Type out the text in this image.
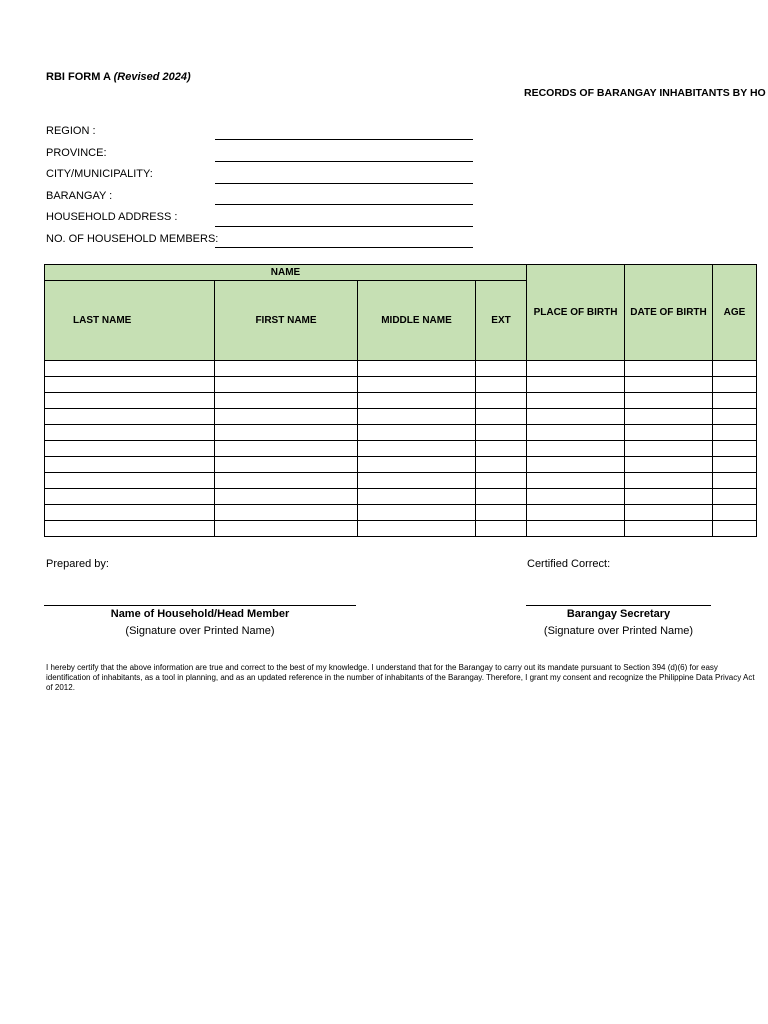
RBI FORM A (Revised 2024)
RECORDS OF BARANGAY INHABITANTS BY HO
REGION :
PROVINCE:
CITY/MUNICIPALITY:
BARANGAY :
HOUSEHOLD ADDRESS :
NO. OF HOUSEHOLD MEMBERS:
NAME				PLACE OF BIRTH	DATE OF BIRTH	AGE
LAST NAME	FIRST NAME	MIDDLE NAME	EXT			

Prepared by:
Name of Household/Head Member
(Signature over Printed Name)
Certified Correct:
Barangay Secretary
(Signature over Printed Name)
I hereby certify that the above information are true and correct to the best of my knowledge. I understand that for the Barangay to carry out its mandate pursuant to Section 394 (d)(6) for easy identification of inhabitants, as a tool in planning, and as an updated reference in the number of inhabitants of the Barangay. Therefore, I grant my consent and recognize the Philippine Data Privacy Act of 2012.
